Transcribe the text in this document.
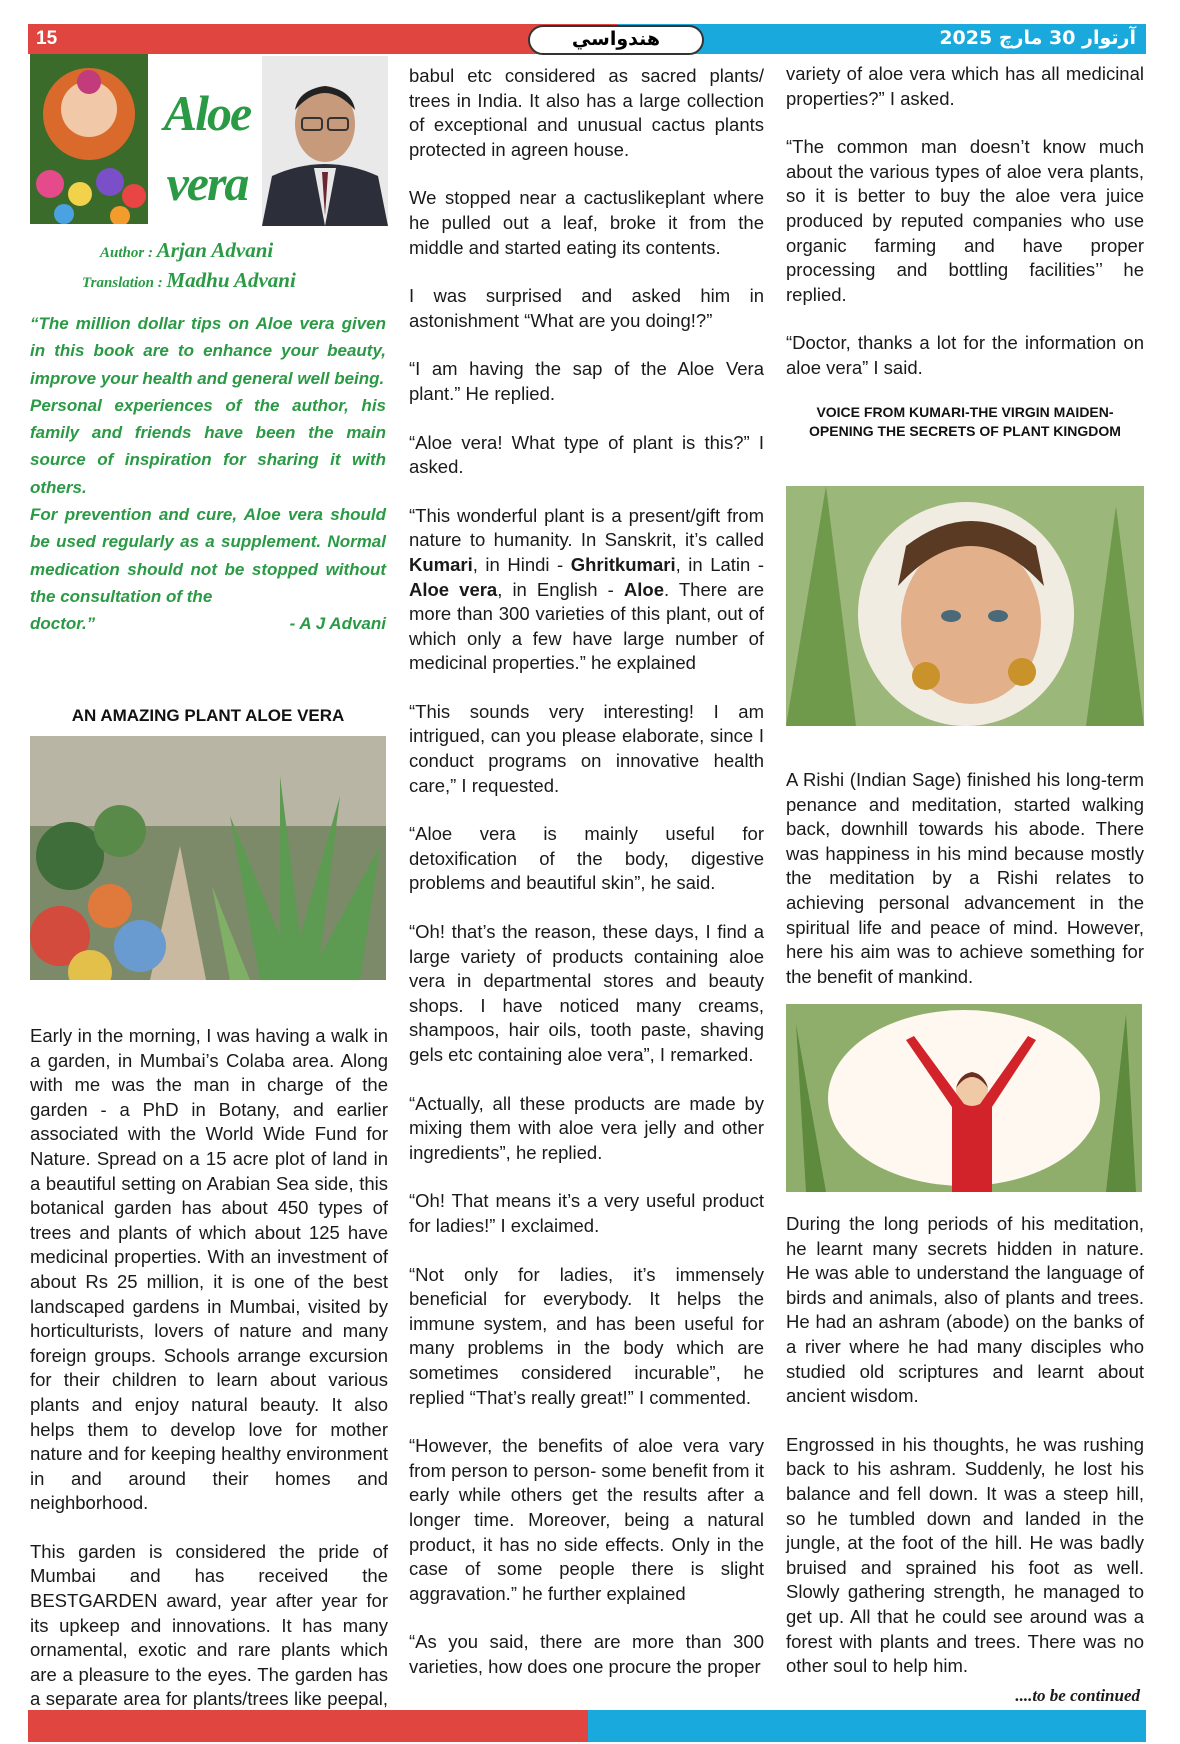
15	هندواسي	آرتوار 30 مارچ 2025
Aloe
vera
Author : Arjan Advani
Translation : Madhu Advani
“The million dollar tips on Aloe vera given in this book are to enhance your beauty, improve your health and general well being.
Personal experiences of the author, his family and friends have been the main source of inspiration for sharing it with others.
For prevention and cure, Aloe vera should be used regularly as a supplement. Normal medication should not be stopped without the consultation of the
doctor.”	- A J Advani
AN AMAZING PLANT ALOE VERA

Early in the morning, I was having a walk in a garden, in Mumbai’s Colaba area. Along with me was the man in charge of the garden - a PhD in Botany, and earlier associated with the World Wide Fund for Nature. Spread on a 15 acre plot of land in a beautiful setting on Arabian Sea side, this botanical garden has about 450 types of trees and plants of which about 125 have medicinal properties. With an investment of about Rs 25 million, it is one of the best landscaped gardens in Mumbai, visited by horticulturists, lovers of nature and many foreign groups. Schools arrange excursion for their children to learn about various plants and enjoy natural beauty. It also helps them to develop love for mother nature and for keeping healthy environment in and around their homes and neighborhood.

This garden is considered the pride of Mumbai and has received the BESTGARDEN award, year after year for its upkeep and innovations. It has many ornamental, exotic and rare plants which are a pleasure to the eyes. The garden has a separate area for plants/trees like peepal,

babul etc considered as sacred plants/ trees in India. It also has a large collection of exceptional and unusual cactus plants protected in agreen house.

We stopped near a cactuslikeplant where he pulled out a leaf, broke it from the middle and started eating its contents.

I was surprised and asked him in astonishment “What are you doing!?”

“I am having the sap of the Aloe Vera plant.” He replied.

“Aloe vera! What type of plant is this?” I asked.

“This wonderful plant is a present/gift from nature to humanity. In Sanskrit, it’s called Kumari, in Hindi - Ghritkumari, in Latin - Aloe vera, in English - Aloe. There are more than 300 varieties of this plant, out of which only a few have large number of medicinal properties.” he explained

“This sounds very interesting! I am intrigued, can you please elaborate, since I conduct programs on innovative health care,” I requested.

“Aloe vera is mainly useful for detoxification of the body, digestive problems and beautiful skin”, he said.

“Oh! that’s the reason, these days, I find a large variety of products containing aloe vera in departmental stores and beauty shops. I have noticed many creams, shampoos, hair oils, tooth paste, shaving gels etc containing aloe vera”, I remarked.

“Actually, all these products are made by mixing them with aloe vera jelly and other ingredients”, he replied.

“Oh! That means it’s a very useful product for ladies!” I exclaimed.

“Not only for ladies, it’s immensely beneficial for everybody. It helps the immune system, and has been useful for many problems in the body which are sometimes considered incurable”, he replied “That’s really great!” I commented.

“However, the benefits of aloe vera vary from person to person- some benefit from it early while others get the results after a longer time. Moreover, being a natural product, it has no side effects. Only in the case of some people there is slight aggravation.” he further explained

“As you said, there are more than 300 varieties, how does one procure the proper

variety of aloe vera which has all medicinal properties?” I asked.

“The common man doesn’t know much about the various types of aloe vera plants, so it is better to buy the aloe vera juice produced by reputed companies who use organic farming and have proper processing and bottling facilities’’ he replied.

“Doctor, thanks a lot for the information on aloe vera” I said.

VOICE FROM KUMARI-THE VIRGIN MAIDEN-OPENING THE SECRETS OF PLANT KINGDOM

A Rishi (Indian Sage) finished his long-term penance and meditation, started walking back, downhill towards his abode. There was happiness in his mind because mostly the meditation by a Rishi relates to achieving personal advancement in the spiritual life and peace of mind. However, here his aim was to achieve something for the benefit of mankind.

During the long periods of his meditation, he learnt many secrets hidden in nature. He was able to understand the language of birds and animals, also of plants and trees. He had an ashram (abode) on the banks of a river where he had many disciples who studied old scriptures and learnt about ancient wisdom.

Engrossed in his thoughts, he was rushing back to his ashram. Suddenly, he lost his balance and fell down. It was a steep hill, so he tumbled down and landed in the jungle, at the foot of the hill. He was badly bruised and sprained his foot as well. Slowly gathering strength, he managed to get up. All that he could see around was a forest with plants and trees. There was no other soul to help him.

....to be continued
